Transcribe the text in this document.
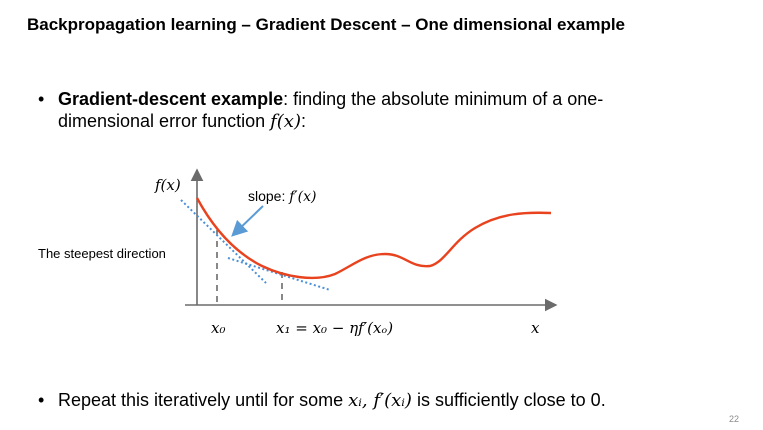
Backpropagation learning – Gradient Descent – One dimensional example
• Gradient-descent example: finding the absolute minimum of a one-dimensional error function f(x):
f(x)
slope: f′(x)
x₀	x₁ = x₀ − ηf′(xₒ)	x
The steepest direction
• Repeat this iteratively until for some xᵢ, f′(xᵢ) is sufficiently close to 0.
22
